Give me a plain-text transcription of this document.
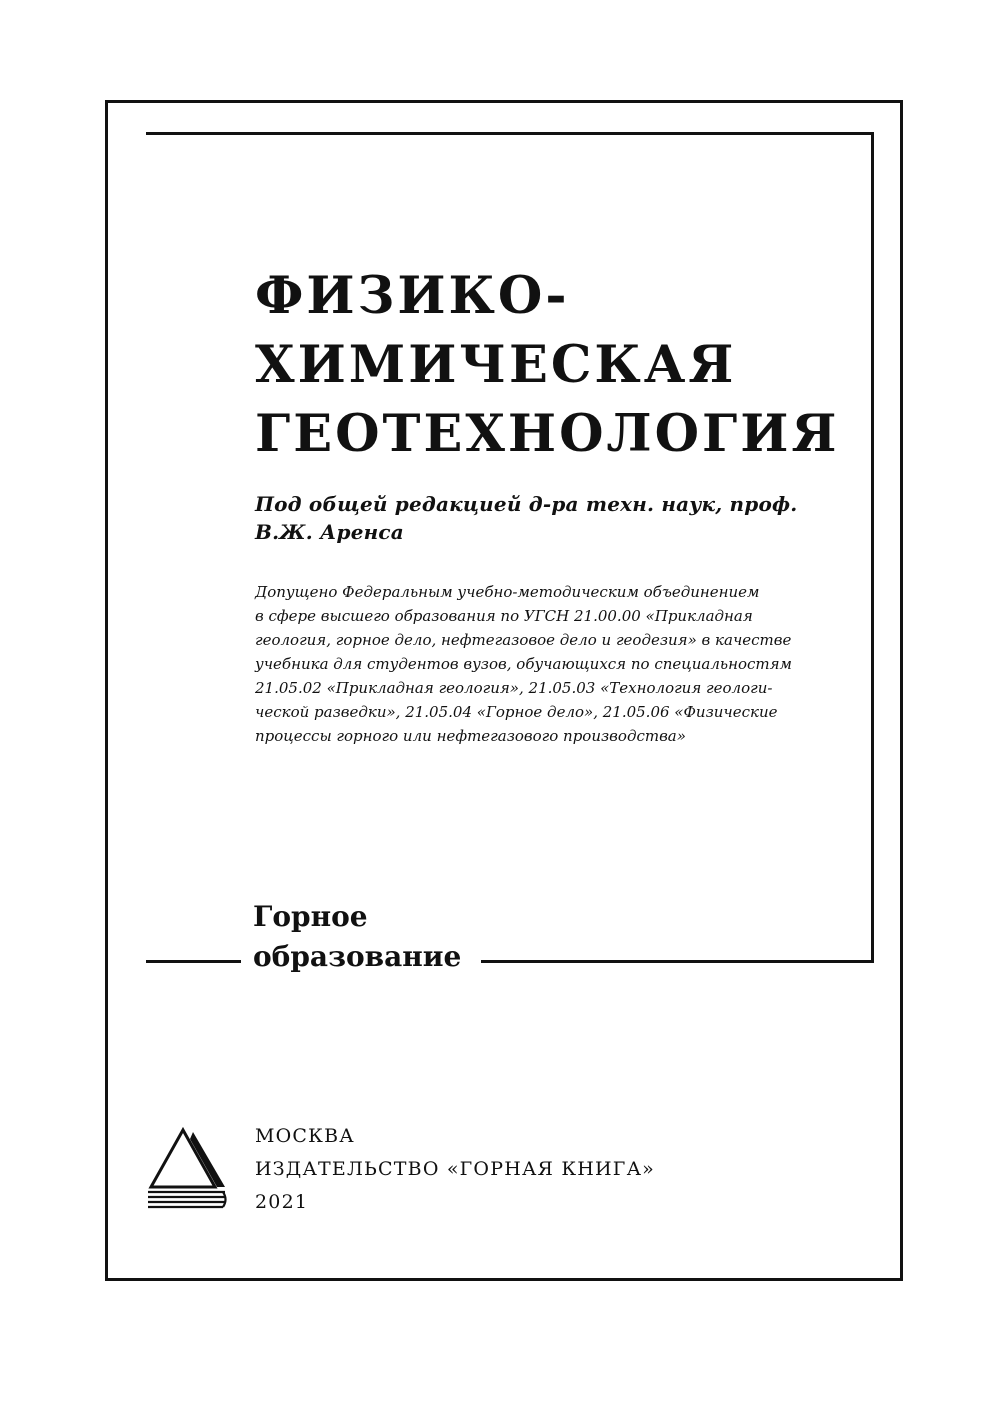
ФИЗИКО-
ХИМИЧЕСКАЯ
ГЕОТЕХНОЛОГИЯ
Под общей редакцией д-ра техн. наук, проф.
В.Ж. Аренса
Допущено Федеральным учебно-методическим объединением
в сфере высшего образования по УГСН 21.00.00 «Прикладная
геология, горное дело, нефтегазовое дело и геодезия» в качестве
учебника для студентов вузов, обучающихся по специальностям
21.05.02 «Прикладная геология», 21.05.03 «Технология геологи-
ческой разведки», 21.05.04 «Горное дело», 21.05.06 «Физические
процессы горного или нефтегазового производства»
Горное
образование
МОСКВА
ИЗДАТЕЛЬСТВО «ГОРНАЯ КНИГА»
2021
